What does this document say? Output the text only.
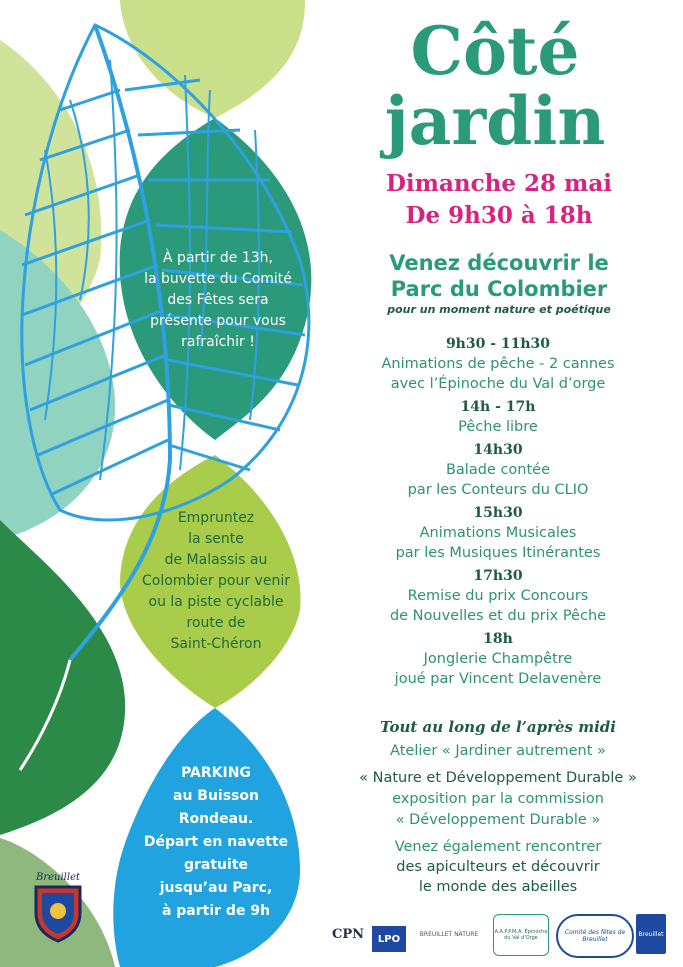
Côté
jardin
Dimanche 28 mai
De 9h30 à 18h
Venez découvrir le
Parc du Colombier
pour un moment nature et poétique
9h30 - 11h30
Animations de pêche - 2 cannes
avec l’Épinoche du Val d’orge
14h - 17h
Pêche libre
14h30
Balade contée
par les Conteurs du CLIO
15h30
Animations Musicales
par les Musiques Itinérantes
17h30
Remise du prix Concours
de Nouvelles et du prix Pêche
18h
Jonglerie Champêtre
joué par Vincent Delavenère
Tout au long de l’après midi
Atelier « Jardiner autrement »
« Nature et Développement Durable »
exposition par la commission
« Développement Durable »
Venez également rencontrer
des apiculteurs et découvrir
le monde des abeilles
À partir de 13h,
la buvette du Comité
des Fêtes sera
présente pour vous
rafraîchir !
Empruntez
la sente
de Malassis au
Colombier pour venir
ou la piste cyclable
route de
Saint-Chéron
PARKING
au Buisson
Rondeau.
Départ en navette
gratuite
jusqu’au Parc,
à partir de 9h
Breuillet
CPN LPO	BREUILLET NATURE	A.A.P.P.M.A. Épinoche du Val d'Orge
Comité des fêtes de Breuillet
Breuillet
